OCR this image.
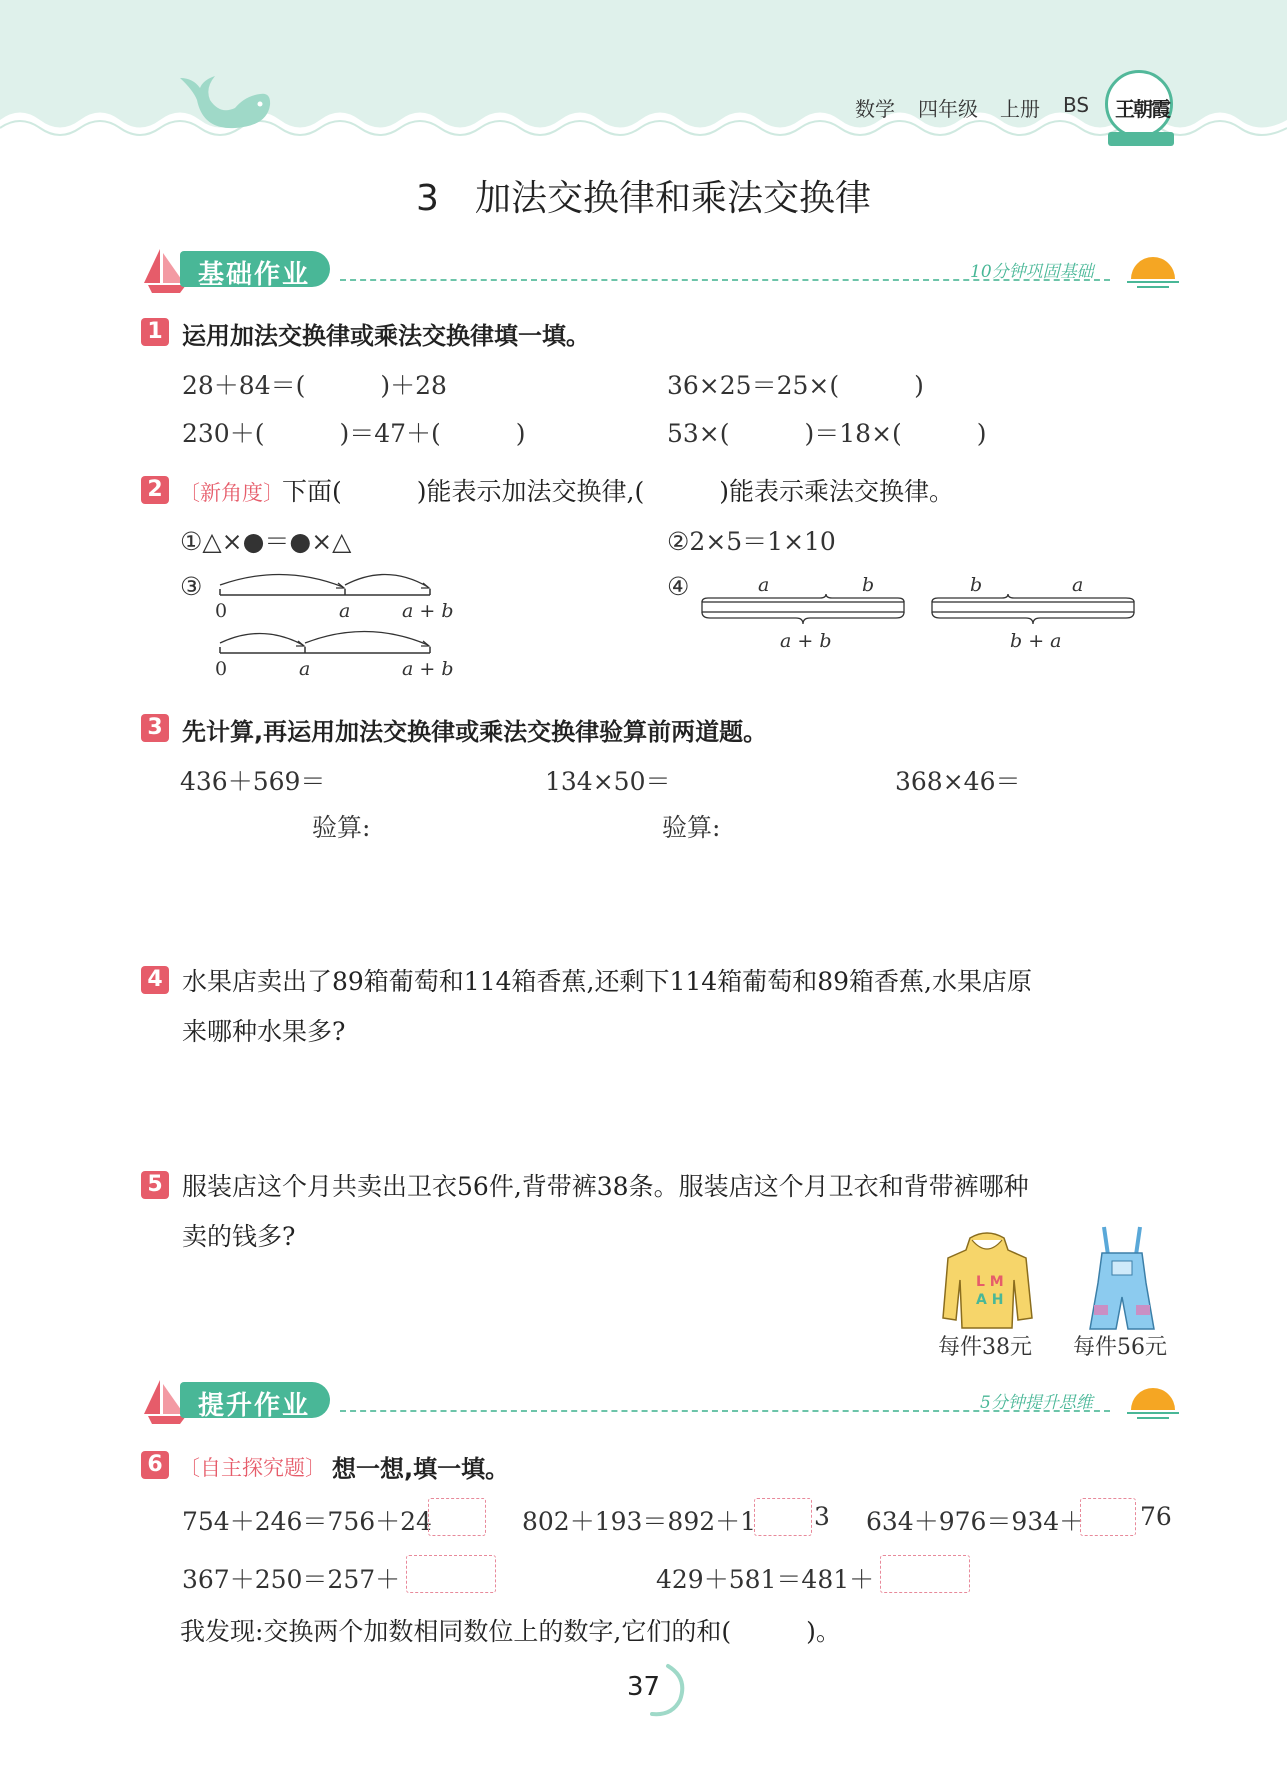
数学 四年级 上册 BS	王朝霞
3　加法交换律和乘法交换律
基础作业	10分钟巩固基础
1 运用加法交换律或乘法交换律填一填。
28＋84＝(　　　)＋28	36×25＝25×(　　　)
230＋(　　　)＝47＋(　　　)	53×(　　　)＝18×(　　　)
2 〔新角度〕
下面(　　　)能表示加法交换律,(　　　)能表示乘法交换律。
①△×●＝●×△	②2×5＝1×10
③	④
0	a	a + b
0	a	a + b
a	b
a + b
b	a
b + a
3 先计算,再运用加法交换律或乘法交换律验算前两道题。
436＋569＝	134×50＝	368×46＝
验算:	验算:
4 水果店卖出了89箱葡萄和114箱香蕉,还剩下114箱葡萄和89箱香蕉,水果店原
来哪种水果多?
5 服装店这个月共卖出卫衣56件,背带裤38条。服装店这个月卫衣和背带裤哪种
卖的钱多?
L M
A H
每件38元 每件56元
提升作业	5分钟提升思维
6 〔自主探究题〕 想一想,填一填。
754＋246＝756＋24	802＋193＝892＋1 3 634＋976＝934＋ 76
367＋250＝257＋	429＋581＝481＋
我发现:交换两个加数相同数位上的数字,它们的和(　　　)。
37
